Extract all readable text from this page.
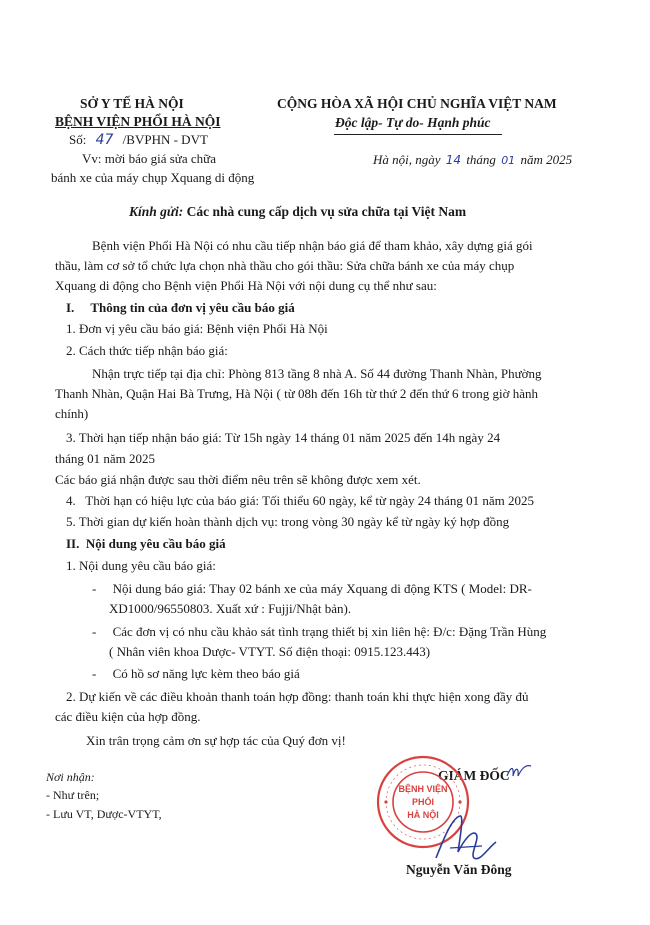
SỞ Y TẾ HÀ NỘI
BỆNH VIỆN PHỔI HÀ NỘI
Số: 47 /BVPHN - DVT
Vv: mời báo giá sửa chữa
bánh xe của máy chụp Xquang di động
CỘNG HÒA XÃ HỘI CHỦ NGHĨA VIỆT NAM
Độc lập- Tự do- Hạnh phúc
Hà nội, ngày 14 tháng 01 năm 2025
Kính gửi: Các nhà cung cấp dịch vụ sửa chữa tại Việt Nam
Bệnh viện Phổi Hà Nội có nhu cầu tiếp nhận báo giá để tham khảo, xây dựng giá gói
thầu, làm cơ sở tổ chức lựa chọn nhà thầu cho gói thầu: Sửa chữa bánh xe của máy chụp
Xquang di động cho Bệnh viện Phổi Hà Nội với nội dung cụ thể như sau:
I.     Thông tin của đơn vị yêu cầu báo giá
1. Đơn vị yêu cầu báo giá: Bệnh viện Phổi Hà Nội
2. Cách thức tiếp nhận báo giá:
Nhận trực tiếp tại địa chỉ: Phòng 813 tầng 8 nhà A. Số 44 đường Thanh Nhàn, Phường
Thanh Nhàn, Quận Hai Bà Trưng, Hà Nội ( từ 08h đến 16h từ thứ 2 đến thứ 6 trong giờ hành
chính)
3. Thời hạn tiếp nhận báo giá: Từ 15h ngày 14 tháng 01 năm 2025 đến 14h ngày 24
tháng 01 năm 2025
Các báo giá nhận được sau thời điểm nêu trên sẽ không được xem xét.
4.   Thời hạn có hiệu lực của báo giá: Tối thiểu 60 ngày, kể từ ngày 24 tháng 01 năm 2025
5. Thời gian dự kiến hoàn thành dịch vụ: trong vòng 30 ngày kể từ ngày ký hợp đồng
II.  Nội dung yêu cầu báo giá
1. Nội dung yêu cầu báo giá:
-     Nội dung báo giá: Thay 02 bánh xe của máy Xquang di động KTS ( Model: DR-
XD1000/96550803. Xuất xứ : Fujji/Nhật bản).
-     Các đơn vị có nhu cầu khảo sát tình trạng thiết bị xin liên hệ: Đ/c: Đặng Trần Hùng
( Nhân viên khoa Dược- VTYT. Số điện thoại: 0915.123.443)
-     Có hồ sơ năng lực kèm theo báo giá
2. Dự kiến về các điều khoản thanh toán hợp đồng: thanh toán khi thực hiện xong đầy đủ
các điều kiện của hợp đồng.
Xin trân trọng cảm ơn sự hợp tác của Quý đơn vị!
Nơi nhận:
- Như trên;
- Lưu VT, Dược-VTYT,
GIÁM ĐỐC
BỆNH VIỆN
PHỔI
HÀ NỘI
Nguyễn Văn Đông
